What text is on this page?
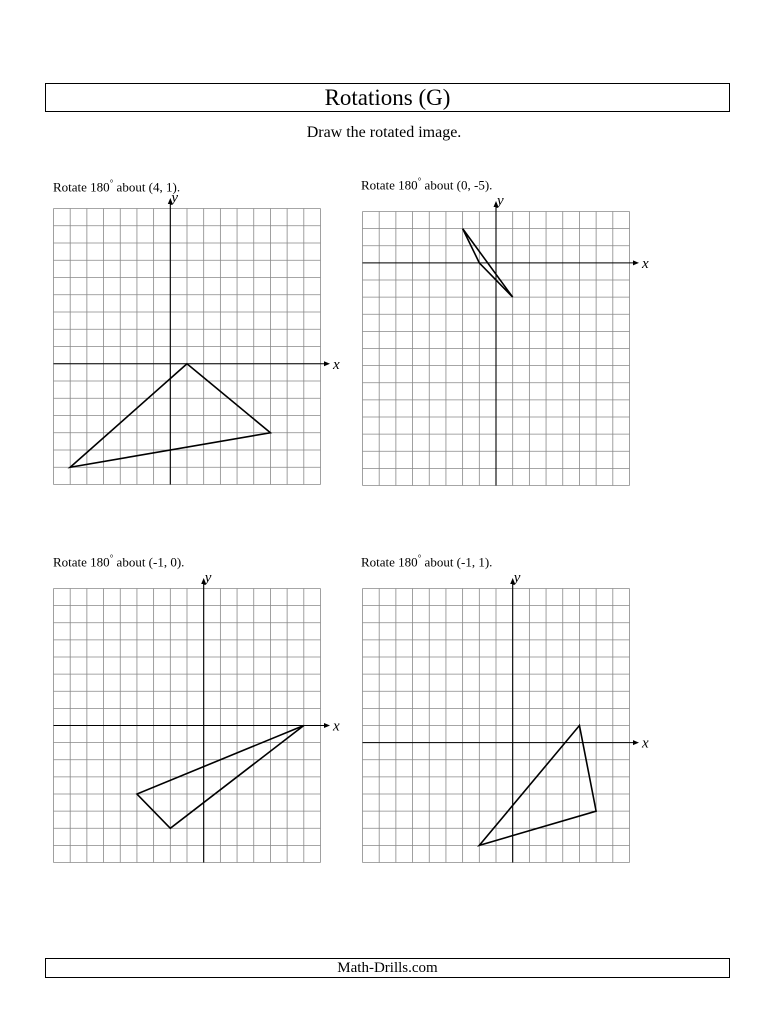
Rotations (G)
Draw the rotated image.
Rotate 180° about (4, 1).
x
y
Rotate 180° about (0, -5).
x
y
Rotate 180° about (-1, 0).
x
y
Rotate 180° about (-1, 1).
x
y
Math-Drills.com
